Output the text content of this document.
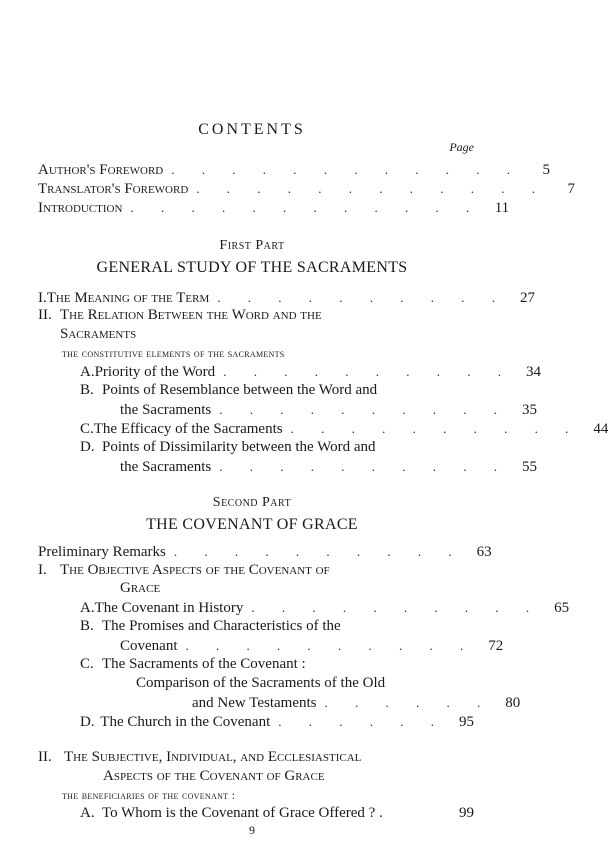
CONTENTS
Page
Author's Foreword . . . . . . . . . . . .	5
Translator's Foreword . . . . . . . . . . . .	7
Introduction . . . . . . . . . . . . 11
First Part
GENERAL STUDY OF THE SACRAMENTS
I. The Meaning of the Term . . . . . . . . . . 27
II. The Relation Between the Word and the
Sacraments
the constitutive elements of the sacraments
A. Priority of the Word . . . . . . . . . . 34
B. Points of Resemblance between the Word and
the Sacraments . . . . . . . . . . 35
C. The Efficacy of the Sacraments . . . . . . . . . . 44
D. Points of Dissimilarity between the Word and
the Sacraments . . . . . . . . . . 55
Second Part
THE COVENANT OF GRACE
Preliminary Remarks . . . . . . . . . . 63
I. The Objective Aspects of the Covenant of
Grace
A. The Covenant in History . . . . . . . . . . 65
B. The Promises and Characteristics of the
Covenant . . . . . . . . . . 72
C. The Sacraments of the Covenant :
Comparison of the Sacraments of the Old
and New Testaments . . . . . . 80
D. The Church in the Covenant . . . . . . 95
II. The Subjective, Individual, and Ecclesiastical
Aspects of the Covenant of Grace
the beneficiaries of the covenant :
A. To Whom is the Covenant of Grace Offered ? .	99
9
